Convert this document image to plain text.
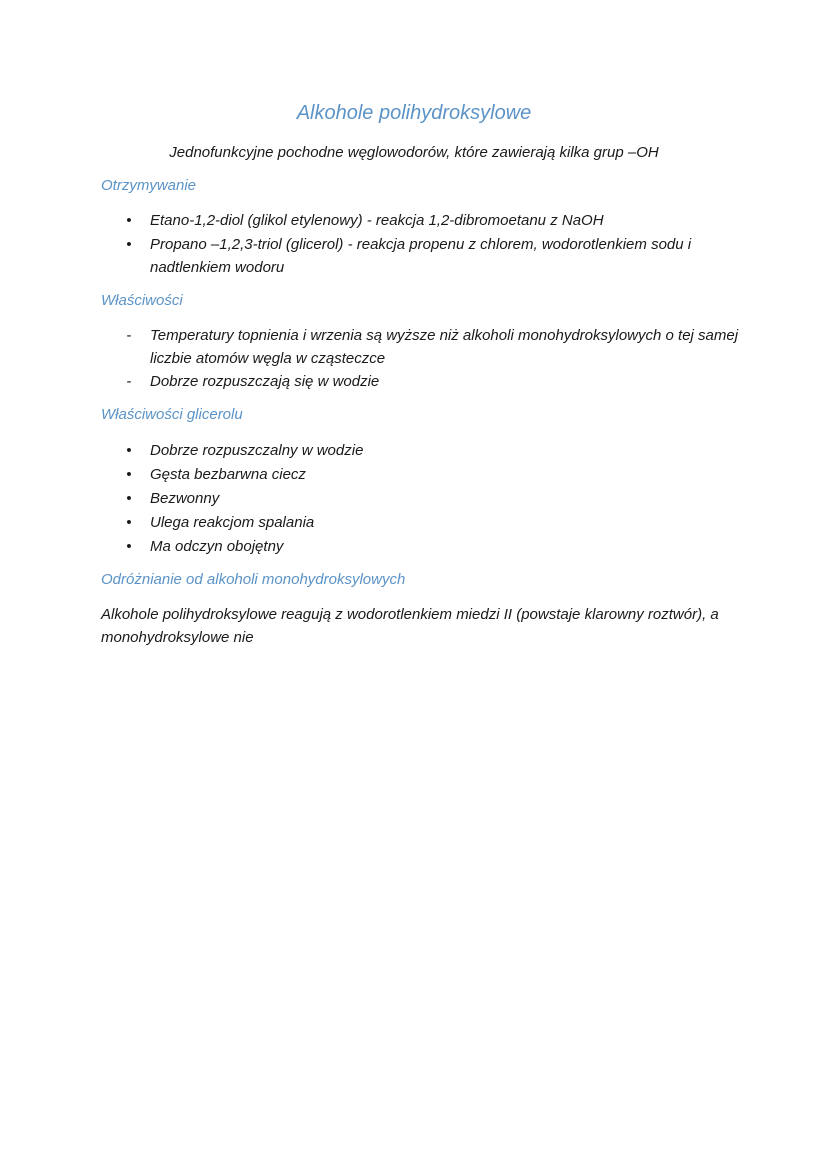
Alkohole polihydroksylowe
Jednofunkcyjne pochodne węglowodorów, które zawierają kilka grup –OH
Otrzymywanie
• Etano-1,2-diol (glikol etylenowy) - reakcja 1,2-dibromoetanu z NaOH
• Propano –1,2,3-triol (glicerol) - reakcja propenu z chlorem, wodorotlenkiem sodu i nadtlenkiem wodoru
Właściwości
-	Temperatury topnienia i wrzenia są wyższe niż alkoholi monohydroksylowych o tej samej liczbie atomów węgla w cząsteczce
-	Dobrze rozpuszczają się w wodzie
Właściwości glicerolu
• Dobrze rozpuszczalny w wodzie
• Gęsta bezbarwna ciecz
• Bezwonny
• Ulega reakcjom spalania
• Ma odczyn obojętny
Odróżnianie od alkoholi monohydroksylowych
Alkohole polihydroksylowe reagują z wodorotlenkiem miedzi II (powstaje klarowny roztwór), a monohydroksylowe nie
